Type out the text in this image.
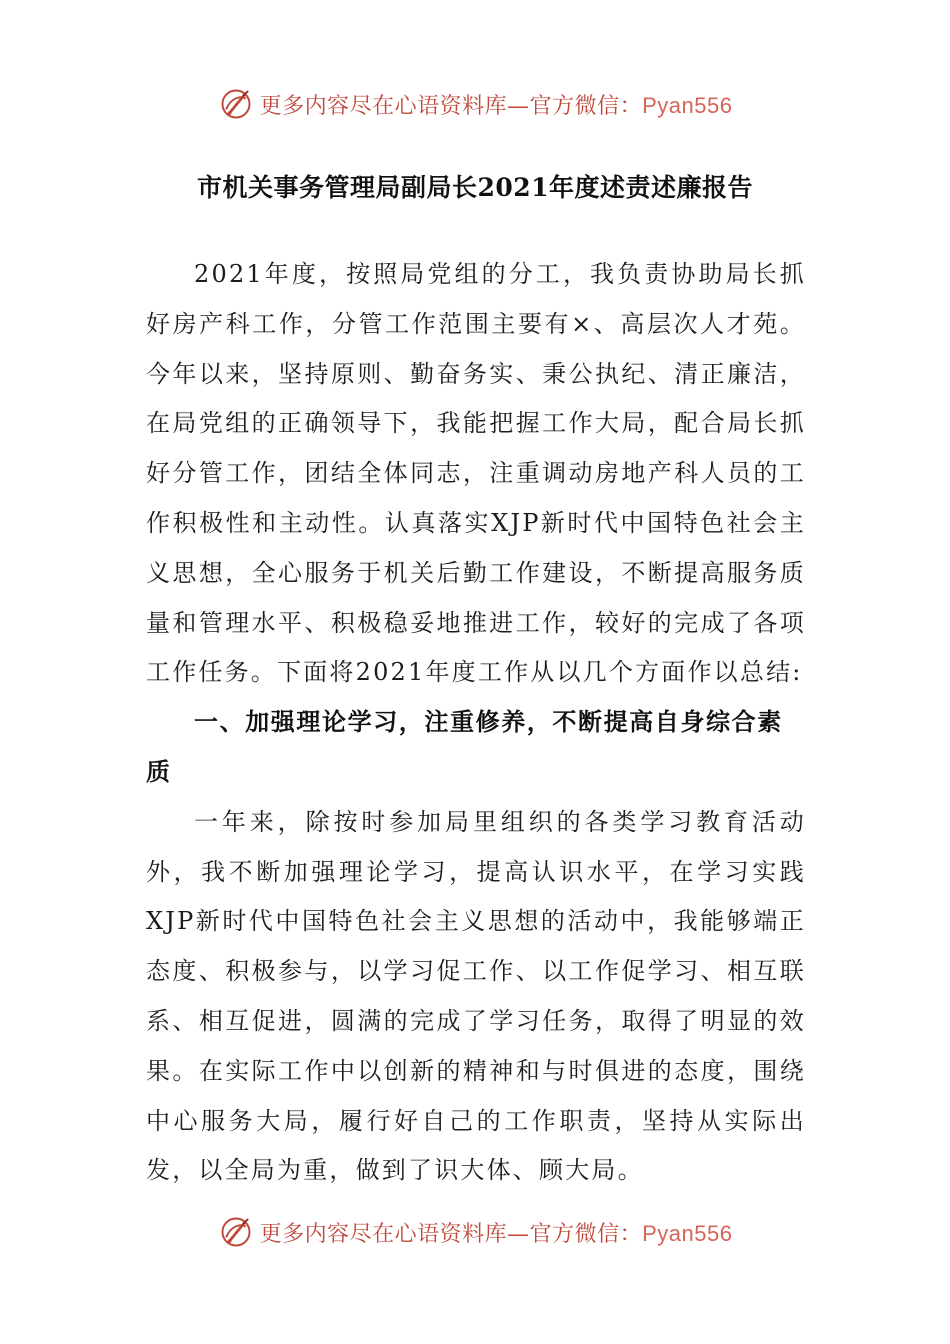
更多内容尽在心语资料库—官方微信：Pyan556
市机关事务管理局副局长2021年度述责述廉报告

2021年度，按照局党组的分工，我负责协助局长抓好房产科工作，分管工作范围主要有×、高层次人才苑。今年以来，坚持原则、勤奋务实、秉公执纪、清正廉洁，在局党组的正确领导下，我能把握工作大局，配合局长抓好分管工作，团结全体同志，注重调动房地产科人员的工作积极性和主动性。认真落实XJP新时代中国特色社会主义思想，全心服务于机关后勤工作建设，不断提高服务质量和管理水平、积极稳妥地推进工作，较好的完成了各项工作任务。下面将2021年度工作从以几个方面作以总结:

一、加强理论学习，注重修养，不断提高自身综合素质

一年来，除按时参加局里组织的各类学习教育活动外，我不断加强理论学习，提高认识水平，在学习实践XJP新时代中国特色社会主义思想的活动中，我能够端正态度、积极参与，以学习促工作、以工作促学习、相互联系、相互促进，圆满的完成了学习任务，取得了明显的效果。在实际工作中以创新的精神和与时俱进的态度，围绕中心服务大局，履行好自己的工作职责，坚持从实际出发，以全局为重，做到了识大体、顾大局。

更多内容尽在心语资料库—官方微信：Pyan556
